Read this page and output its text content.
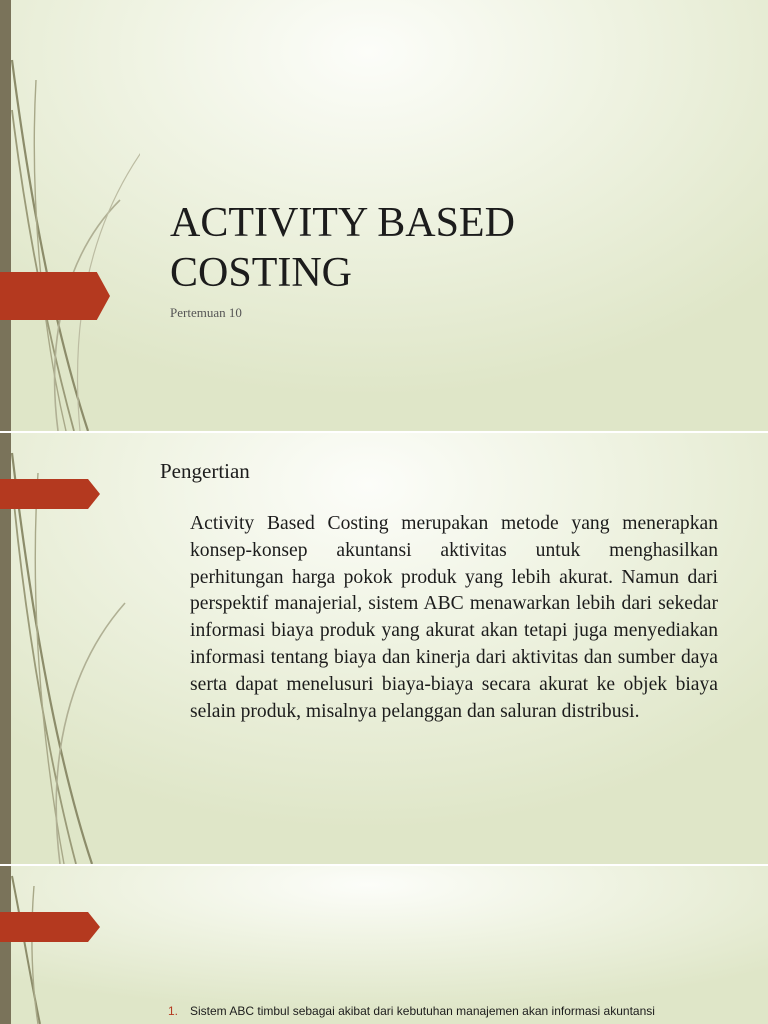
ACTIVITY BASED COSTING
Pertemuan 10
Pengertian

Activity Based Costing merupakan metode yang menerapkan konsep-konsep akuntansi aktivitas untuk menghasilkan perhitungan harga pokok produk yang lebih akurat. Namun dari perspektif manajerial, sistem ABC menawarkan lebih dari sekedar informasi biaya produk yang akurat akan tetapi juga menyediakan informasi tentang biaya dan kinerja dari aktivitas dan sumber daya serta dapat menelusuri biaya-biaya secara akurat ke objek biaya selain produk, misalnya pelanggan dan saluran distribusi.

1. Sistem ABC timbul sebagai akibat dari kebutuhan manajemen akan informasi akuntansi
